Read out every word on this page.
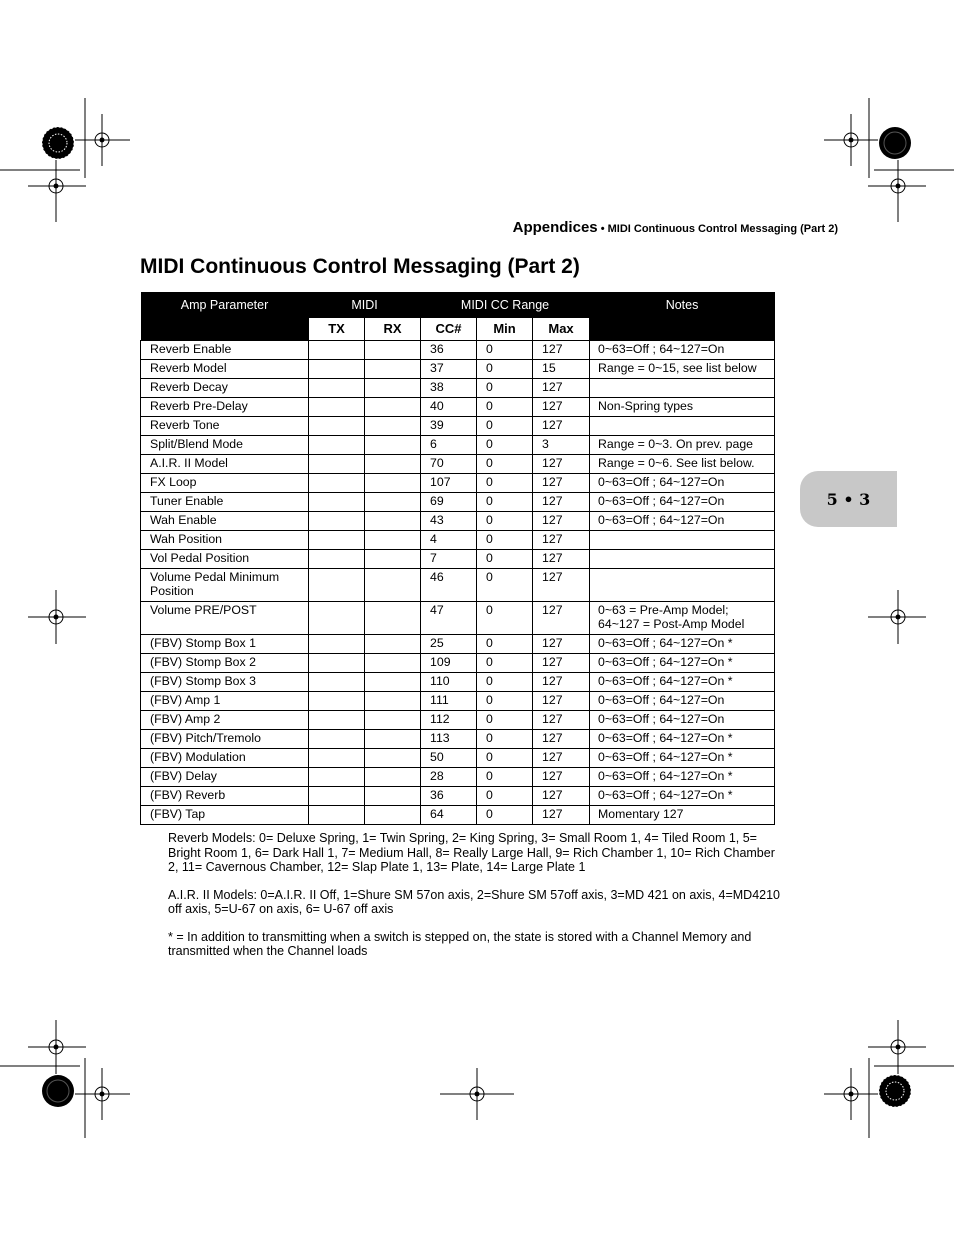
Appendices • MIDI Continuous Control Messaging (Part 2)
MIDI Continuous Control Messaging (Part 2)
5 • 3
Amp Parameter	MIDI		MIDI CC Range			Notes
	TX	RX	CC#	Min	Max	
Reverb Enable			36	0	127	0~63=Off ; 64~127=On
Reverb Model			37	0	15	Range = 0~15, see list below
Reverb Decay			38	0	127	
Reverb Pre-Delay			40	0	127	Non-Spring types
Reverb Tone			39	0	127	
Split/Blend Mode			6	0	3	Range = 0~3. On prev. page
A.I.R. II Model			70	0	127	Range = 0~6. See list below.
FX Loop			107	0	127	0~63=Off ; 64~127=On
Tuner Enable			69	0	127	0~63=Off ; 64~127=On
Wah Enable			43	0	127	0~63=Off ; 64~127=On
Wah Position			4	0	127	
Vol Pedal Position			7	0	127	
Volume Pedal Minimum Position			46	0	127	
Volume PRE/POST			47	0	127	0~63 = Pre-Amp Model; 64~127 = Post-Amp Model
(FBV) Stomp Box 1			25	0	127	0~63=Off ; 64~127=On *
(FBV) Stomp Box 2			109	0	127	0~63=Off ; 64~127=On *
(FBV) Stomp Box 3			110	0	127	0~63=Off ; 64~127=On *
(FBV) Amp 1			111	0	127	0~63=Off ; 64~127=On
(FBV) Amp 2			112	0	127	0~63=Off ; 64~127=On
(FBV) Pitch/Tremolo			113	0	127	0~63=Off ; 64~127=On *
(FBV) Modulation			50	0	127	0~63=Off ; 64~127=On *
(FBV) Delay			28	0	127	0~63=Off ; 64~127=On *
(FBV) Reverb			36	0	127	0~63=Off ; 64~127=On *
(FBV) Tap			64	0	127	Momentary 127

Reverb Models: 0= Deluxe Spring, 1= Twin Spring, 2= King Spring, 3= Small Room 1, 4= Tiled Room 1, 5= Bright Room 1, 6= Dark Hall 1, 7= Medium Hall, 8= Really Large Hall, 9= Rich Chamber 1, 10= Rich Chamber 2, 11= Cavernous Chamber, 12= Slap Plate 1, 13= Plate, 14= Large Plate 1

A.I.R. II Models: 0=A.I.R. II Off, 1=Shure SM 57on axis, 2=Shure SM 57off axis, 3=MD 421 on axis, 4=MD4210 off axis, 5=U-67 on axis, 6= U-67 off axis

* = In addition to transmitting when a switch is stepped on, the state is stored with a Channel Memory and transmitted when the Channel loads
